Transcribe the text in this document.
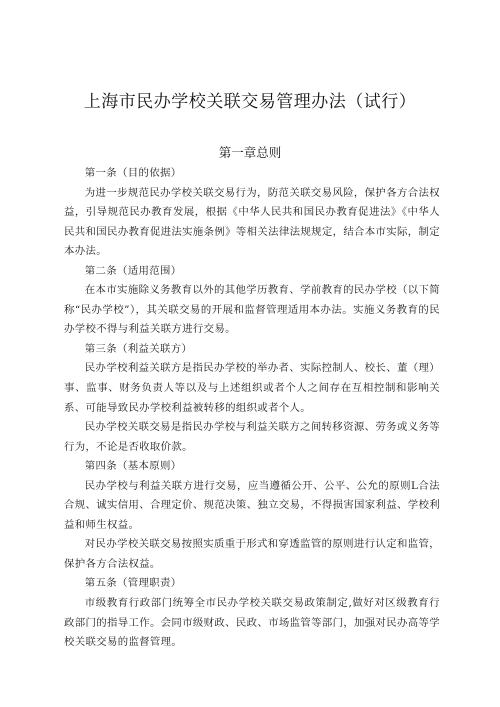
上海市民办学校关联交易管理办法（试行）
第一章总则

第一条（目的依据）

为进一步规范民办学校关联交易行为，防范关联交易风险，保护各方合法权益，引导规范民办教育发展，根据《中华人民共和国民办教育促进法》《中华人民共和国民办教育促进法实施条例》等相关法律法规规定，结合本市实际，制定本办法。

第二条（适用范围）

在本市实施除义务教育以外的其他学历教育、学前教育的民办学校（以下简称“民办学校”），其关联交易的开展和监督管理适用本办法。实施义务教育的民办学校不得与利益关联方进行交易。

第三条（利益关联方）

民办学校利益关联方是指民办学校的举办者、实际控制人、校长、董（理）事、监事、财务负责人等以及与上述组织或者个人之间存在互相控制和影响关系、可能导致民办学校利益被转移的组织或者个人。

民办学校关联交易是指民办学校与利益关联方之间转移资源、劳务或义务等行为，不论是否收取价款。

第四条（基本原则）

民办学校与利益关联方进行交易，应当遵循公开、公平、公允的原则L合法合规、诚实信用、合理定价、规范决策、独立交易，不得损害国家利益、学校利益和师生权益。

对民办学校关联交易按照实质重于形式和穿透监管的原则进行认定和监管，保护各方合法权益。

第五条（管理职责）

市级教育行政部门统筹全市民办学校关联交易政策制定,做好对区级教育行政部门的指导工作。会同市级财政、民政、市场监管等部门，加强对民办高等学校关联交易的监督管理。
